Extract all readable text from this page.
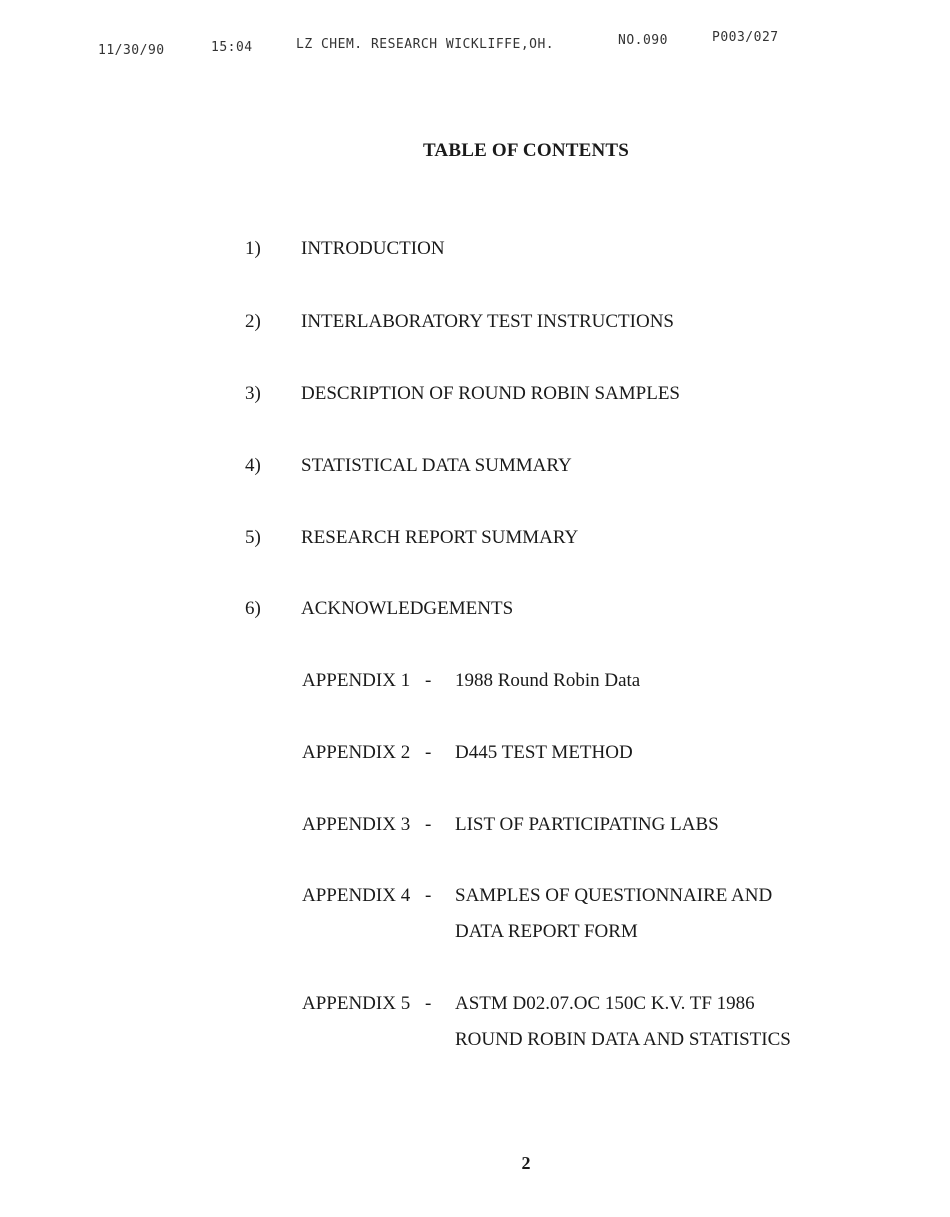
11/30/90	15:04	LZ CHEM. RESEARCH WICKLIFFE,OH.	NO.090	P003/027
TABLE OF CONTENTS
1) INTRODUCTION
2) INTERLABORATORY TEST INSTRUCTIONS
3) DESCRIPTION OF ROUND ROBIN SAMPLES
4) STATISTICAL DATA SUMMARY
5) RESEARCH REPORT SUMMARY
6) ACKNOWLEDGEMENTS
APPENDIX 1 - 1988 Round Robin Data
APPENDIX 2 - D445 TEST METHOD
APPENDIX 3 - LIST OF PARTICIPATING LABS
APPENDIX 4 - SAMPLES OF QUESTIONNAIRE AND
DATA REPORT FORM
APPENDIX 5 - ASTM D02.07.OC 150C K.V. TF 1986
ROUND ROBIN DATA AND STATISTICS
2
